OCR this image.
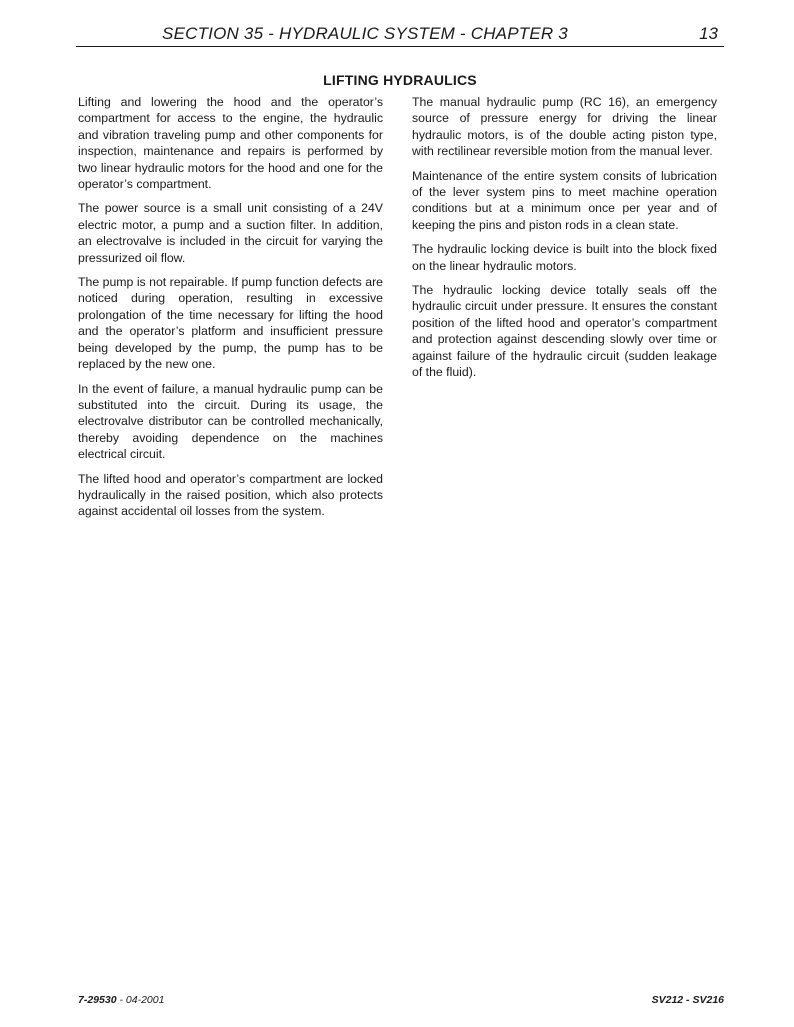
SECTION 35 - HYDRAULIC SYSTEM - CHAPTER 3	13
LIFTING HYDRAULICS

Lifting and lowering the hood and the operator’s compartment for access to the engine, the hydraulic and vibration traveling pump and other components for inspection, maintenance and repairs is performed by two linear hydraulic motors for the hood and one for the operator’s compartment.

The power source is a small unit consisting of a 24V electric motor, a pump and a suction filter. In addition, an electrovalve is included in the circuit for varying the pressurized oil flow.

The pump is not repairable. If pump function defects are noticed during operation, resulting in excessive prolongation of the time necessary for lifting the hood and the operator’s platform and insufficient pressure being developed by the pump, the pump has to be replaced by the new one.

In the event of failure, a manual hydraulic pump can be substituted into the circuit. During its usage, the electrovalve distributor can be controlled mechanically, thereby avoiding dependence on the machines electrical circuit.

The lifted hood and operator’s compartment are locked hydraulically in the raised position, which also protects against accidental oil losses from the system.

The manual hydraulic pump (RC 16), an emergency source of pressure energy for driving the linear hydraulic motors, is of the double acting piston type, with rectilinear reversible motion from the manual lever.

Maintenance of the entire system consits of lubrication of the lever system pins to meet machine operation conditions but at a minimum once per year and of keeping the pins and piston rods in a clean state.

The hydraulic locking device is built into the block fixed on the linear hydraulic motors.

The hydraulic locking device totally seals off the hydraulic circuit under pressure. It ensures the constant position of the lifted hood and operator’s compartment and protection against descending slowly over time or against failure of the hydraulic circuit (sudden leakage of the fluid).

7-29530 - 04-2001	SV212 - SV216
